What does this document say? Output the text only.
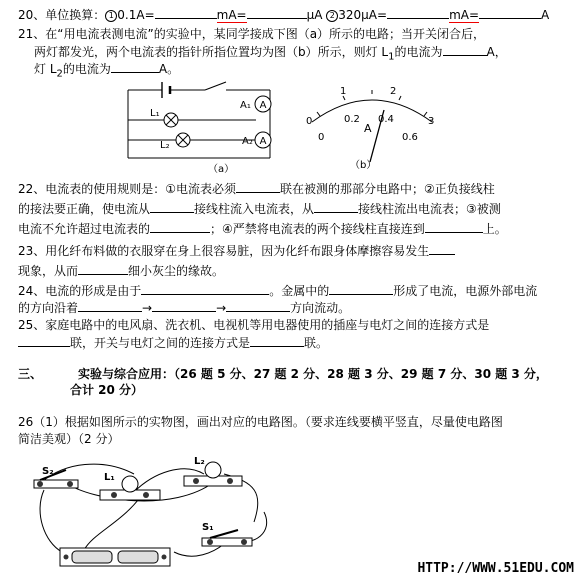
20、单位换算： 1 0.1A=	mA=	μA 2 320μA=	mA=	A
21、在“用电流表测电流”的实验中，某同学接成下图（a）所示的电路；当开关闭合后，
两灯都发光，两个电流表的指针所指位置均为图（b）所示，则灯 $L_1$的电流为	A，
灯 $L_2$的电流为	A。
A
A
L₁
L₂
A₁
A₂
（a）
0
1	2
3
0
0.2 0.4
0.6
A
（b）
22、电流表的使用规则是：①电流表必须	联在被测的那部分电路中；②正负接线柱
的接法要正确，使电流从	接线柱流入电流表，从	接线柱流出电流表；③被测
电流不允许超过电流表的	；④严禁将电流表的两个接线柱直接连到	上。
23、用化纤布料做的衣服穿在身上很容易脏，因为化纤布跟身体摩擦容易发生
现象，从而	细小灰尘的缘故。
24、电流的形成是由于	。金属中的	形成了电流，电源外部电流
的方向沿着	→	→	方向流动。
25、家庭电路中的电风扇、洗衣机、电视机等用电器使用的插座与电灯之间的连接方式是
联，开关与电灯之间的连接方式是	联。
三、	实验与综合应用：（26 题 5 分、27 题 2 分、28 题 3 分、29 题 7 分、30 题 3 分，
合计 20 分）
26（1）根据如图所示的实物图，画出对应的电路图。（要求连线要横平竖直，尽量使电路图
简洁美观）（2 分）
S₂
L₁
L₂
S₁
HTTP://WWW.51EDU.COM
